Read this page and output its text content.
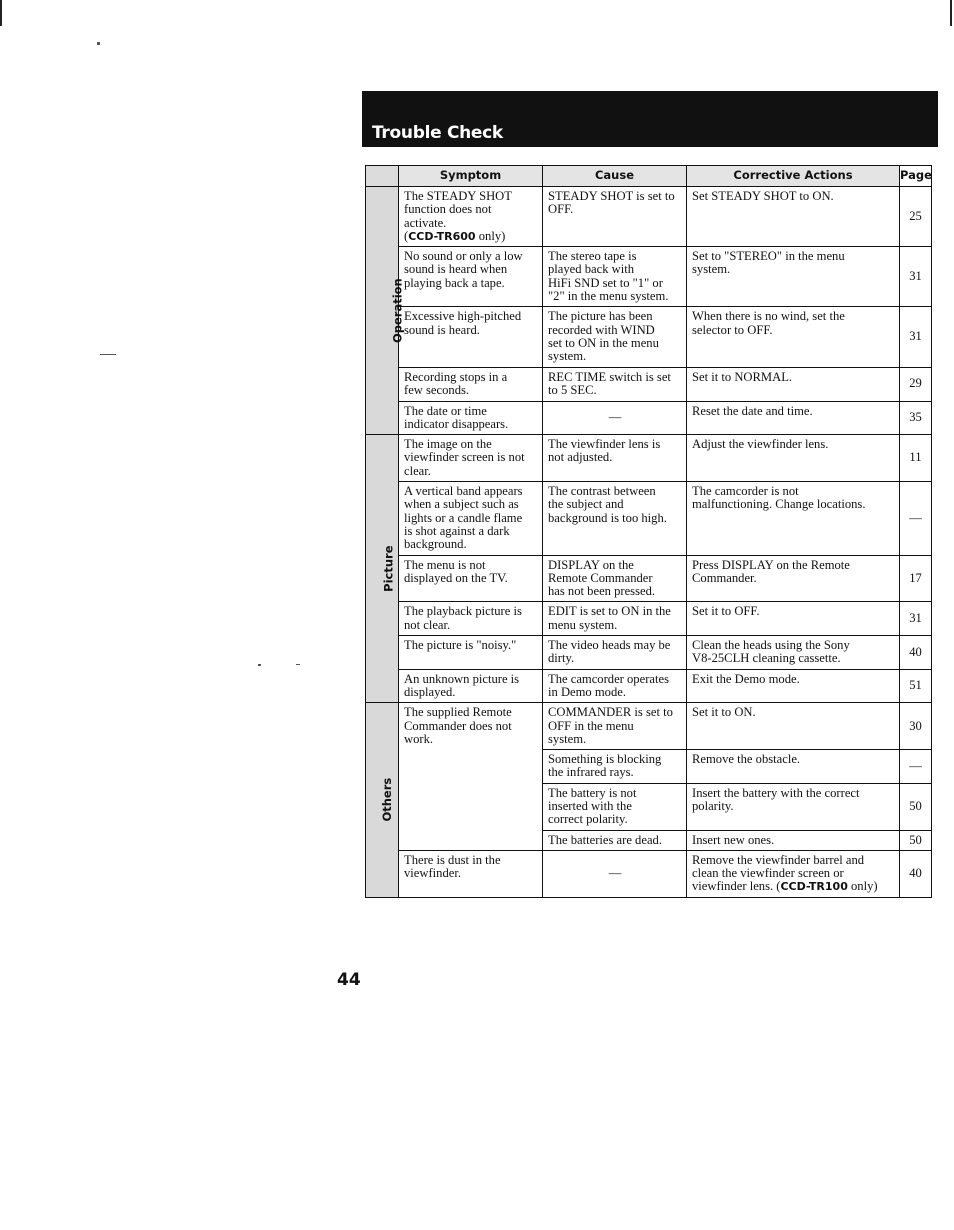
Trouble Check
	Symptom	Cause	Corrective Actions	Page
Operation	The STEADY SHOT
function does not
activate.
(CCD-TR600 only)	STEADY SHOT is set to
OFF.	Set STEADY SHOT to ON.	25
	No sound or only a low
sound is heard when
playing back a tape.	The stereo tape is
played back with
HiFi SND set to "1" or
"2" in the menu system.	Set to "STEREO" in the menu
system.	31
	Excessive high-pitched
sound is heard.	The picture has been
recorded with WIND
set to ON in the menu
system.	When there is no wind, set the
selector to OFF.	31
	Recording stops in a
few seconds.	REC TIME switch is set
to 5 SEC.	Set it to NORMAL.	29
	The date or time
indicator disappears.	—	Reset the date and time.	35
Picture	The image on the
viewfinder screen is not
clear.	The viewfinder lens is
not adjusted.	Adjust the viewfinder lens.	11
	A vertical band appears
when a subject such as
lights or a candle flame
is shot against a dark
background.	The contrast between
the subject and
background is too high.	The camcorder is not
malfunctioning. Change locations.	—
	The menu is not
displayed on the TV.	DISPLAY on the
Remote Commander
has not been pressed.	Press DISPLAY on the Remote
Commander.	17
	The playback picture is
not clear.	EDIT is set to ON in the
menu system.	Set it to OFF.	31
	The picture is "noisy."	The video heads may be
dirty.	Clean the heads using the Sony
V8-25CLH cleaning cassette.	40
	An unknown picture is
displayed.	The camcorder operates
in Demo mode.	Exit the Demo mode.	51
Others	The supplied Remote
Commander does not
work.	COMMANDER is set to
OFF in the menu
system.	Set it to ON.	30
		Something is blocking
the infrared rays.	Remove the obstacle.	—
		The battery is not
inserted with the
correct polarity.	Insert the battery with the correct
polarity.	50
		The batteries are dead.	Insert new ones.	50
	There is dust in the
viewfinder.	—	Remove the viewfinder barrel and
clean the viewfinder screen or
viewfinder lens. (CCD-TR100 only)	40
44
